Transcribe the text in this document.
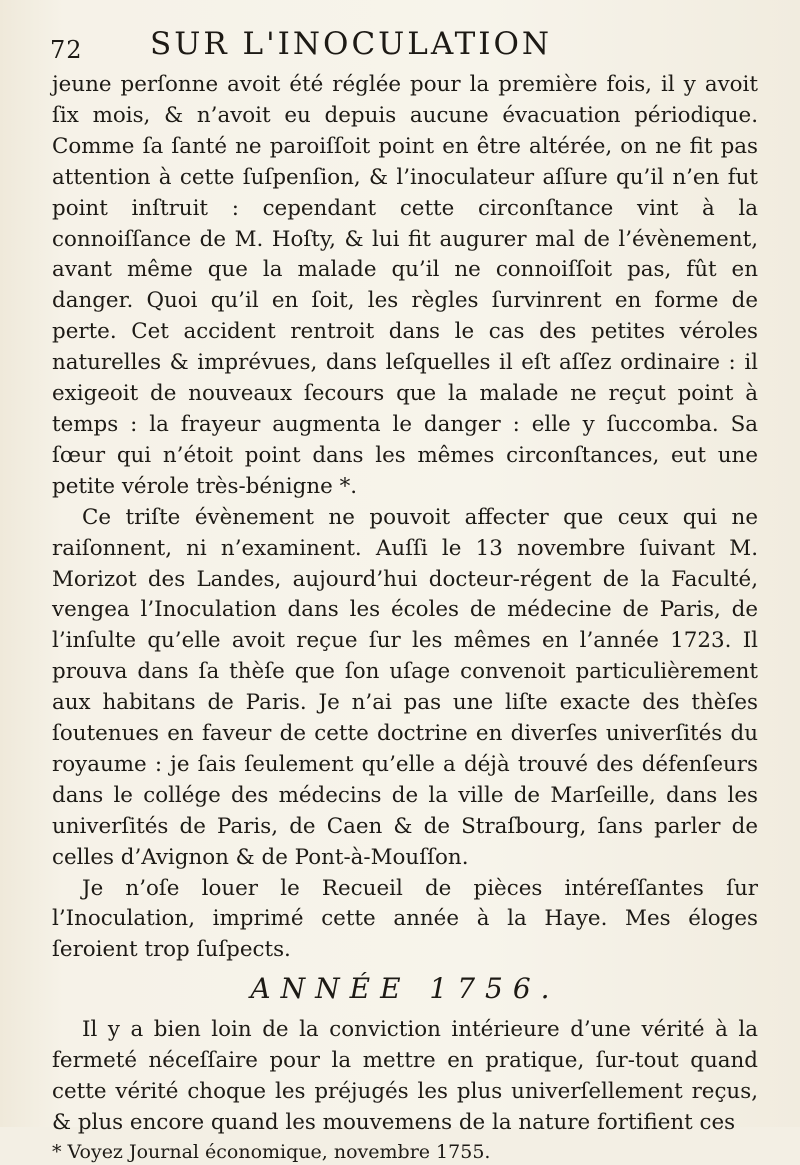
72 SUR L'INOCULATION

jeune perſonne avoit été réglée pour la première fois, il y avoit ſix mois, & n’avoit eu depuis aucune évacuation périodique. Comme ſa ſanté ne paroiſſoit point en être altérée, on ne fit pas attention à cette ſuſpenſion, & l’inoculateur aſſure qu’il n’en fut point inſtruit : cependant cette circonſtance vint à la connoiſſance de M. Hoſty, & lui fit augurer mal de l’évènement, avant même que la malade qu’il ne connoiſſoit pas, fût en danger. Quoi qu’il en ſoit, les règles ſurvinrent en forme de perte. Cet accident rentroit dans le cas des petites véroles naturelles & imprévues, dans leſquelles il eſt aſſez ordinaire : il exigeoit de nouveaux ſecours que la malade ne reçut point à temps : la frayeur augmenta le danger : elle y ſuccomba. Sa ſœur qui n’étoit point dans les mêmes circonſtances, eut une petite vérole très-bénigne *.

Ce triſte évènement ne pouvoit affecter que ceux qui ne raiſonnent, ni n’examinent. Auſſi le 13 novembre ſuivant M. Morizot des Landes, aujourd’hui docteur-régent de la Faculté, vengea l’Inoculation dans les écoles de médecine de Paris, de l’inſulte qu’elle avoit reçue ſur les mêmes en l’année 1723. Il prouva dans ſa thèſe que ſon uſage convenoit particulièrement aux habitans de Paris. Je n’ai pas une liſte exacte des thèſes ſoutenues en faveur de cette doctrine en diverſes univerſités du royaume : je ſais ſeulement qu’elle a déjà trouvé des défenſeurs dans le collége des médecins de la ville de Marſeille, dans les univerſités de Paris, de Caen & de Straſbourg, ſans parler de celles d’Avignon & de Pont-à-Mouſſon.

Je n’oſe louer le Recueil de pièces intéreſſantes ſur l’Inoculation, imprimé cette année à la Haye. Mes éloges ſeroient trop ſuſpects.

ANNÉE 1756.

Il y a bien loin de la conviction intérieure d’une vérité à la fermeté néceſſaire pour la mettre en pratique, ſur-tout quand cette vérité choque les préjugés les plus univerſellement reçus, & plus encore quand les mouvemens de la nature fortifient ces

* Voyez Journal économique, novembre 1755.
